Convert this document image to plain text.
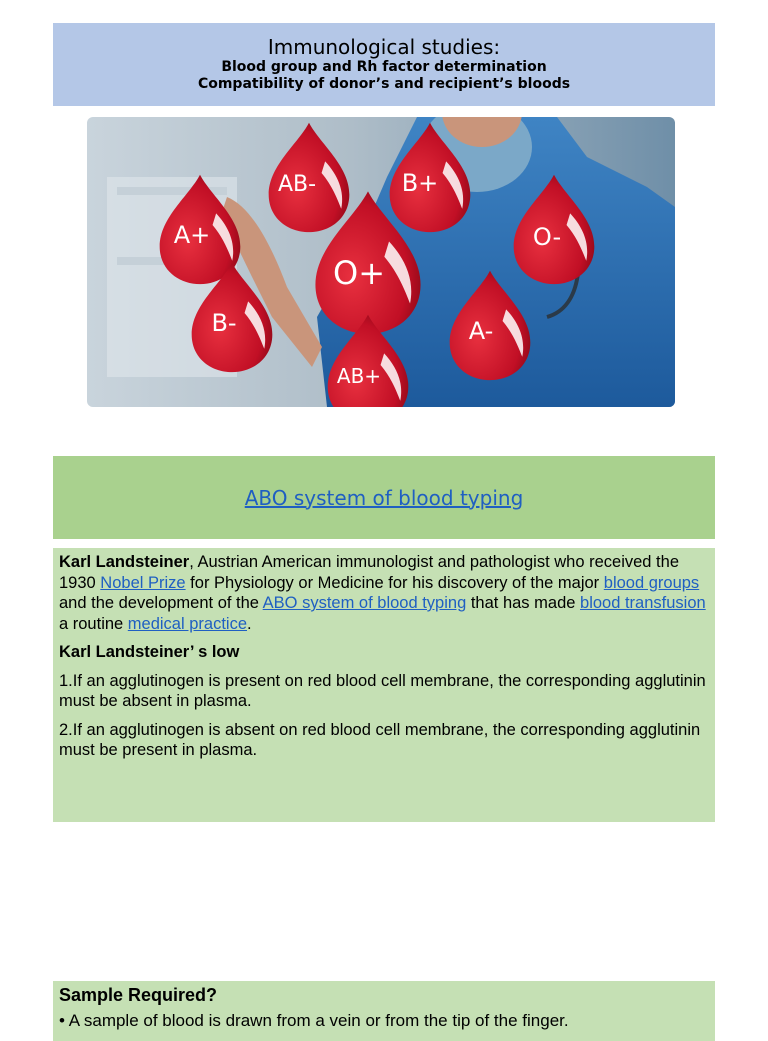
Immunological studies:
Blood group and Rh factor determination
Compatibility of donor’s and recipient’s bloods
AB-	B+
A+
O+
O-
B-	A-
AB+
ABO system of blood typing

Karl Landsteiner, Austrian American immunologist and pathologist who received the 1930 Nobel Prize for Physiology or Medicine for his discovery of the major blood groups and the development of the ABO system of blood typing that has made blood transfusion a routine medical practice.

Karl Landsteiner’ s low

1.If an agglutinogen is present on red blood cell membrane, the corresponding agglutinin must be absent in plasma.

2.If an agglutinogen is absent on red blood cell membrane, the corresponding agglutinin must be present in plasma.

Sample Required?
• A sample of blood is drawn from a vein or from the tip of the finger.
